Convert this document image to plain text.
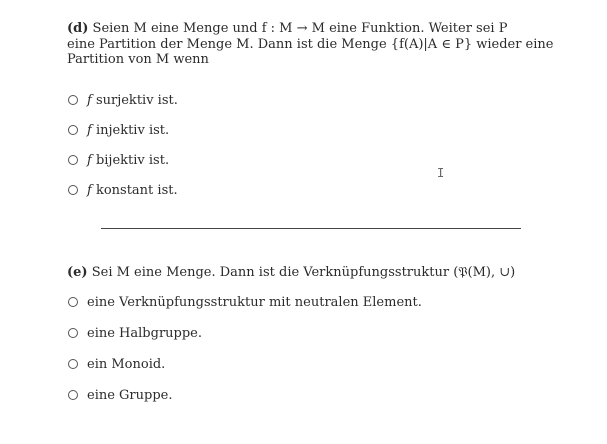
(d) Seien M eine Menge und f : M → M eine Funktion. Weiter sei P
eine Partition der Menge M. Dann ist die Menge {f(A)|A ∈ P} wieder eine
Partition von M wenn
f surjektiv ist.
f injektiv ist.
f bijektiv ist.
f konstant ist.
I
(e) Sei M eine Menge. Dann ist die Verknüpfungsstruktur (𝔓(M), ∪)
eine Verknüpfungsstruktur mit neutralen Element.
eine Halbgruppe.
ein Monoid.
eine Gruppe.
